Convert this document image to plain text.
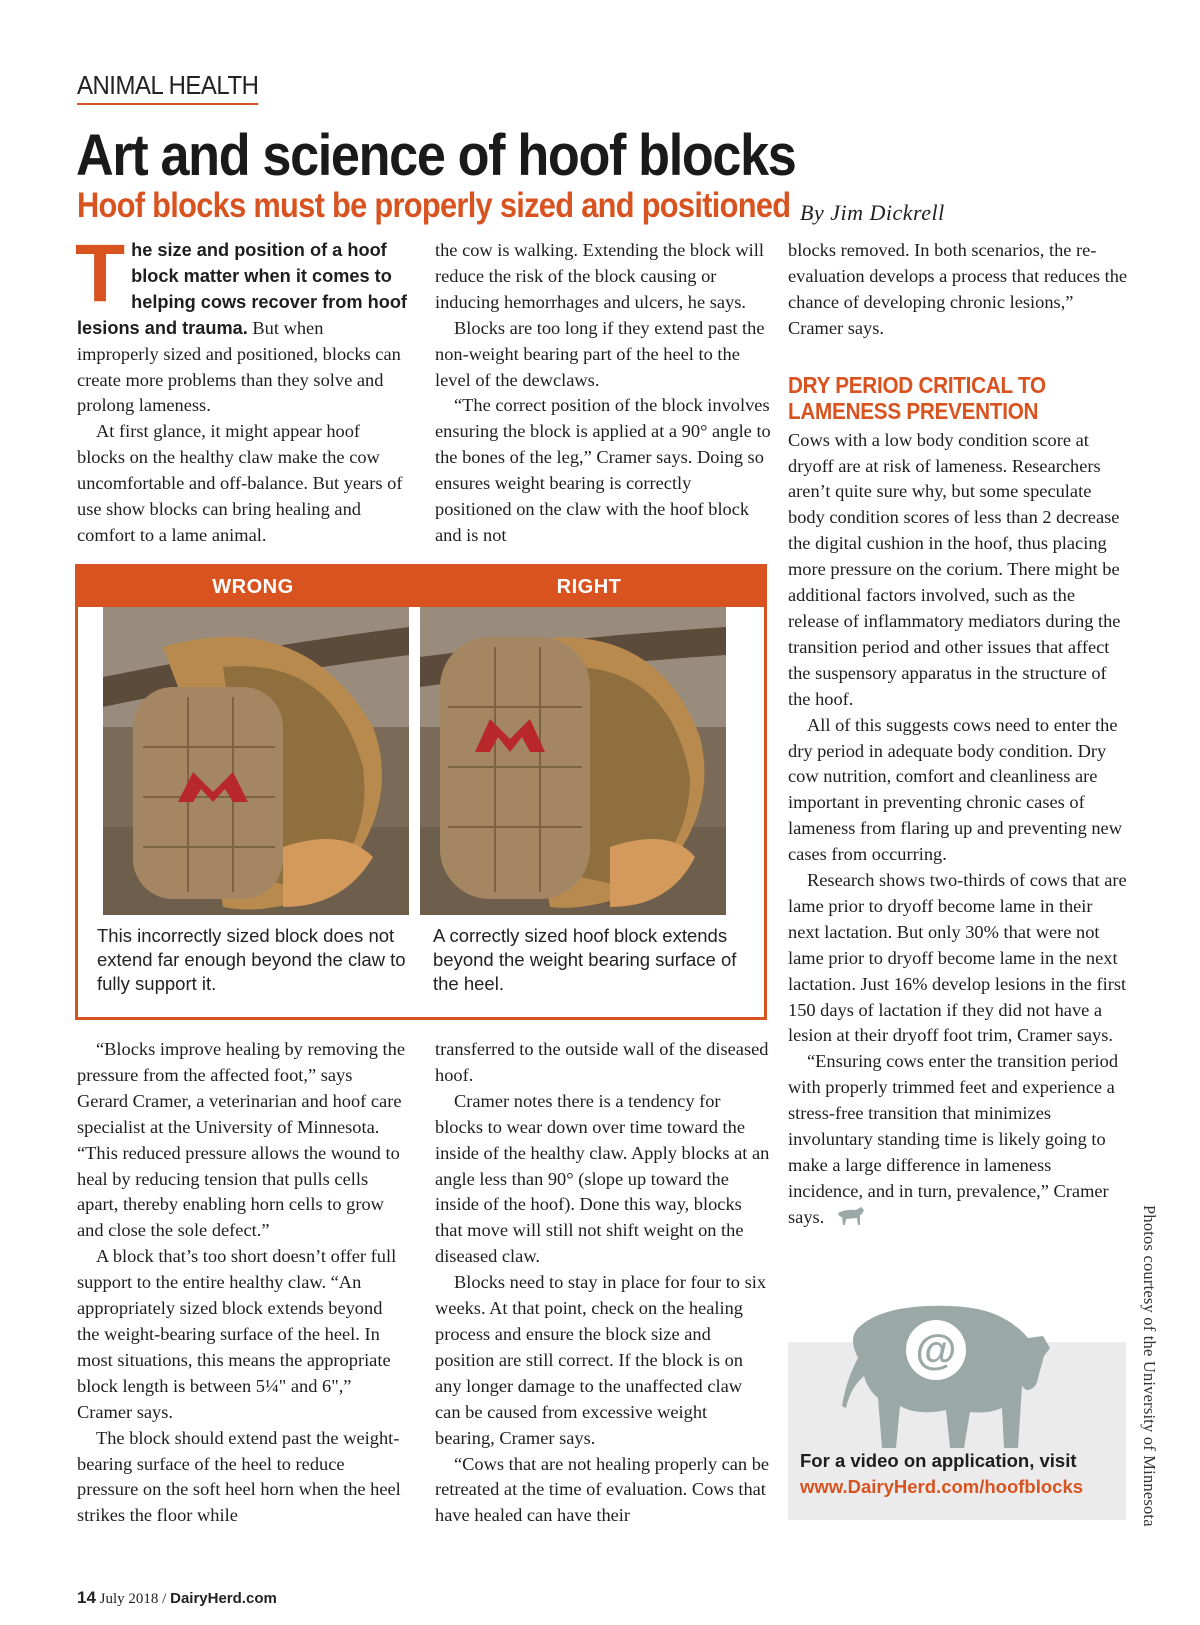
ANIMAL HEALTH
Art and science of hoof blocks
Hoof blocks must be properly sized and positioned By Jim Dickrell

The size and position of a hoof block matter when it comes to helping cows recover from hoof lesions and trauma. But when improperly sized and positioned, blocks can create more problems than they solve and prolong lameness.

At first glance, it might appear hoof blocks on the healthy claw make the cow uncomfortable and off-balance. But years of use show blocks can bring healing and comfort to a lame animal.

the cow is walking. Extending the block will reduce the risk of the block causing or inducing hemorrhages and ulcers, he says.

Blocks are too long if they extend past the non-weight bearing part of the heel to the level of the dewclaws.

“The correct position of the block involves ensuring the block is applied at a 90° angle to the bones of the leg,” Cramer says. Doing so ensures weight bearing is correctly positioned on the claw with the hoof block and is not

WRONG	RIGHT
This incorrectly sized block does not extend far enough beyond the claw to fully support it.
A correctly sized hoof block extends beyond the weight bearing surface of the heel.

“Blocks improve healing by removing the pressure from the affected foot,” says Gerard Cramer, a veterinarian and hoof care specialist at the University of Minnesota. “This reduced pressure allows the wound to heal by reducing tension that pulls cells apart, thereby enabling horn cells to grow and close the sole defect.”

A block that’s too short doesn’t offer full support to the entire healthy claw. “An appropriately sized block extends beyond the weight-bearing surface of the heel. In most situations, this means the appropriate block length is between 5¼" and 6",” Cramer says.

The block should extend past the weight-bearing surface of the heel to reduce pressure on the soft heel horn when the heel strikes the floor while

transferred to the outside wall of the diseased hoof.

Cramer notes there is a tendency for blocks to wear down over time toward the inside of the healthy claw. Apply blocks at an angle less than 90° (slope up toward the inside of the hoof). Done this way, blocks that move will still not shift weight on the diseased claw.

Blocks need to stay in place for four to six weeks. At that point, check on the healing process and ensure the block size and position are still correct. If the block is on any longer damage to the unaffected claw can be caused from excessive weight bearing, Cramer says.

“Cows that are not healing properly can be retreated at the time of evaluation. Cows that have healed can have their

blocks removed. In both scenarios, the re-evaluation develops a process that reduces the chance of developing chronic lesions,” Cramer says.

DRY PERIOD CRITICAL TO LAMENESS PREVENTION

Cows with a low body condition score at dryoff are at risk of lameness. Researchers aren’t quite sure why, but some speculate body condition scores of less than 2 decrease the digital cushion in the hoof, thus placing more pressure on the corium. There might be additional factors involved, such as the release of inflammatory mediators during the transition period and other issues that affect the suspensory apparatus in the structure of the hoof.

All of this suggests cows need to enter the dry period in adequate body condition. Dry cow nutrition, comfort and cleanliness are important in preventing chronic cases of lameness from flaring up and preventing new cases from occurring.

Research shows two-thirds of cows that are lame prior to dryoff become lame in their next lactation. But only 30% that were not lame prior to dryoff become lame in the next lactation. Just 16% develop lesions in the first 150 days of lactation if they did not have a lesion at their dryoff foot trim, Cramer says.

“Ensuring cows enter the transition period with properly trimmed feet and experience a stress-free transition that minimizes involuntary standing time is likely going to make a large difference in lameness incidence, and in turn, prevalence,” Cramer says.

For a video on application, visit
www.DairyHerd.com/hoofblocks
@	Photos courtesy of the University of Minnesota
14 July 2018 / DairyHerd.com
